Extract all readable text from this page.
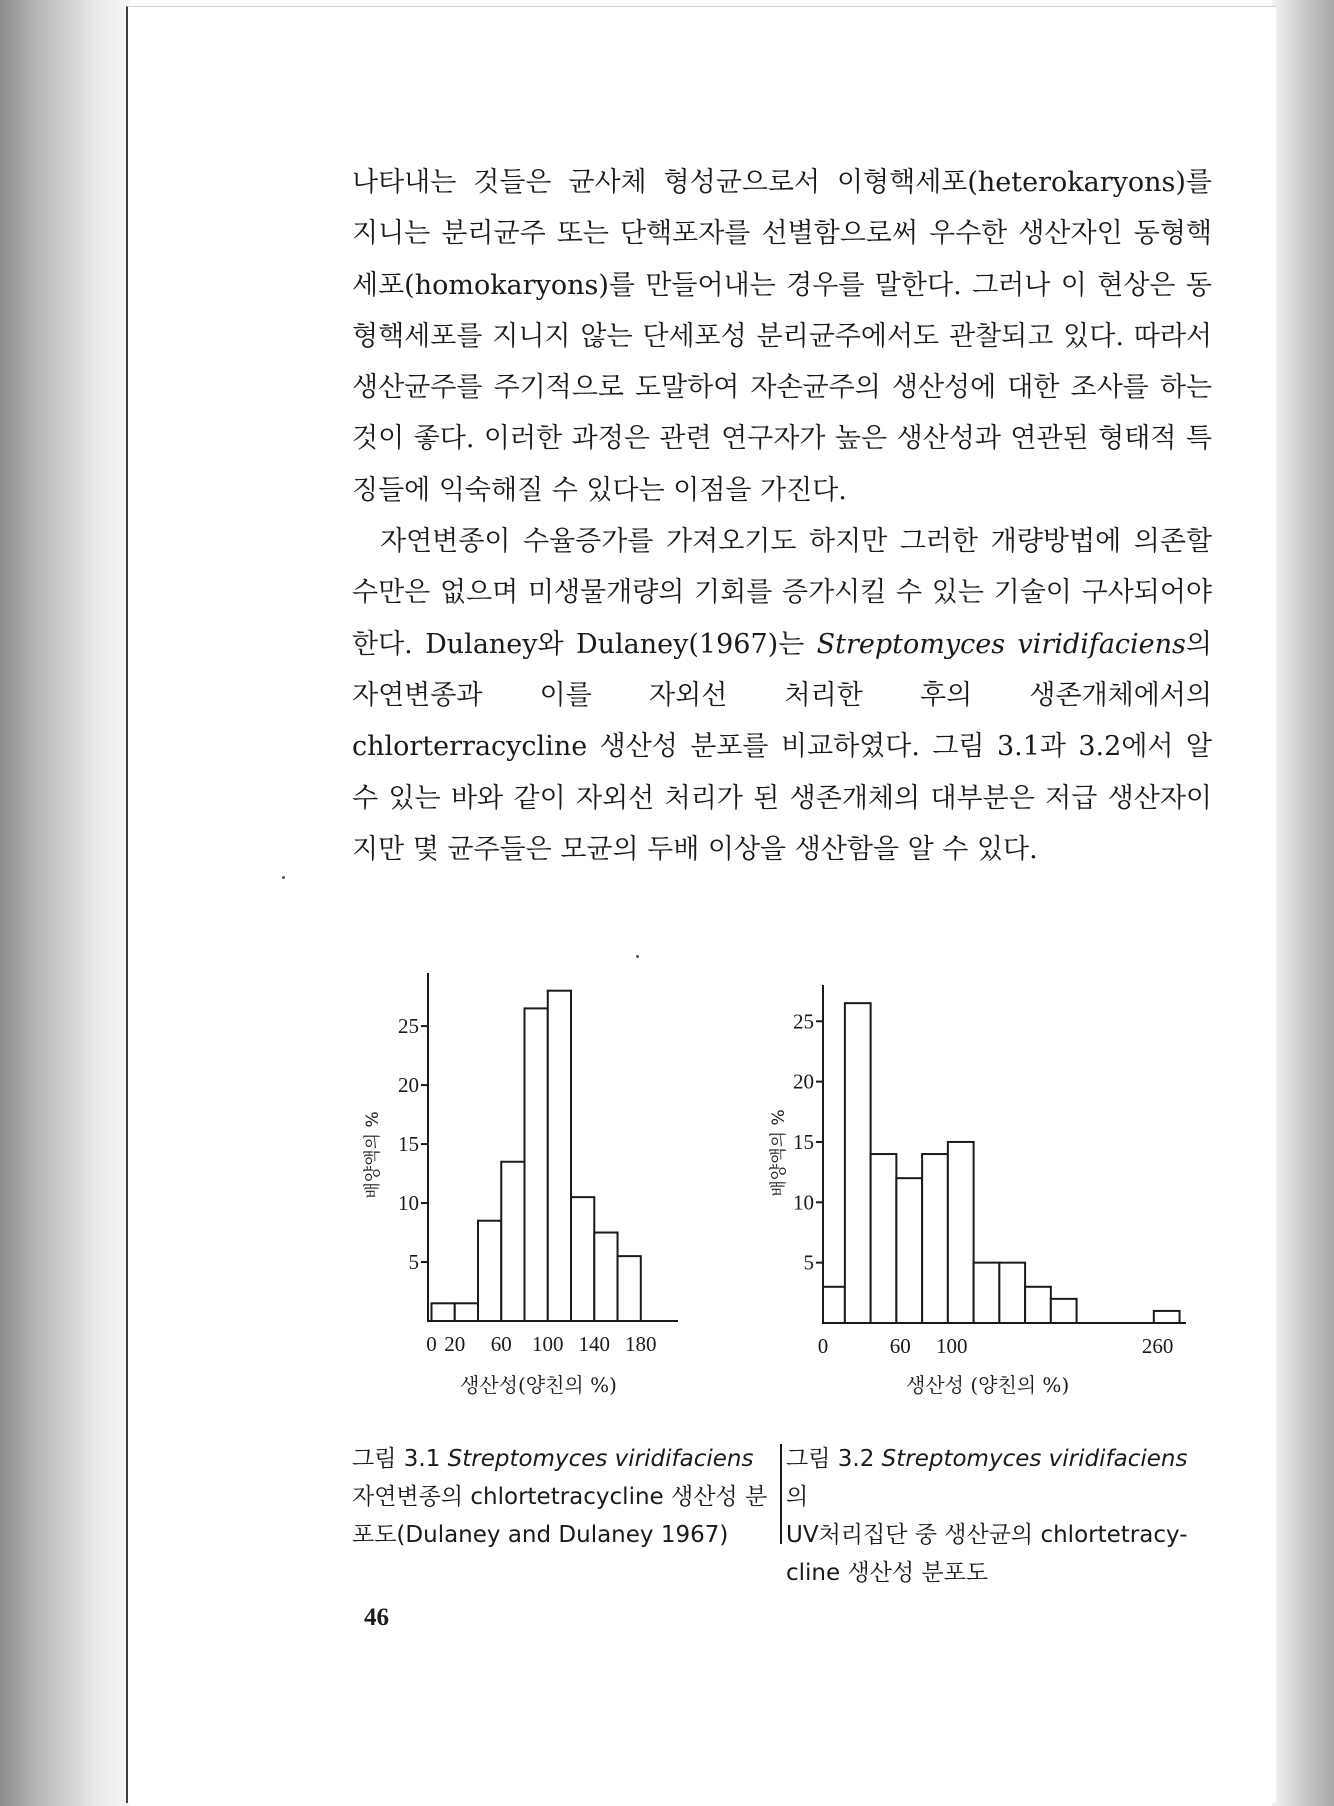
나타내는 것들은 균사체 형성균으로서 이형핵세포(heterokaryons)를 지니는 분리균주 또는 단핵포자를 선별함으로써 우수한 생산자인 동형핵세포(homokaryons)를 만들어내는 경우를 말한다. 그러나 이 현상은 동형핵세포를 지니지 않는 단세포성 분리균주에서도 관찰되고 있다. 따라서 생산균주를 주기적으로 도말하여 자손균주의 생산성에 대한 조사를 하는 것이 좋다. 이러한 과정은 관련 연구자가 높은 생산성과 연관된 형태적 특징들에 익숙해질 수 있다는 이점을 가진다.

자연변종이 수율증가를 가져오기도 하지만 그러한 개량방법에 의존할 수만은 없으며 미생물개량의 기회를 증가시킬 수 있는 기술이 구사되어야 한다. Dulaney와 Dulaney(1967)는 Streptomyces viridifaciens의 자연변종과 이를 자외선 처리한 후의 생존개체에서의 chlorterracycline 생산성 분포를 비교하였다. 그림 3.1과 3.2에서 알 수 있는 바와 같이 자외선 처리가 된 생존개체의 대부분은 저급 생산자이지만 몇 균주들은 모균의 두배 이상을 생산함을 알 수 있다.

5
10
15
20
25
0 20 60 100 140 180
배양액의 %
생산성(양친의 %)
5
10
15
20
25
0	60 100	260
배양액의 %
생산성 (양친의 %)
그림 3.1 Streptomyces viridifaciens
자연변종의 chlortetracycline 생산성 분포도(Dulaney and Dulaney 1967)
그림 3.2 Streptomyces viridifaciens의
UV처리집단 중 생산균의 chlortetracy-cline 생산성 분포도
46
